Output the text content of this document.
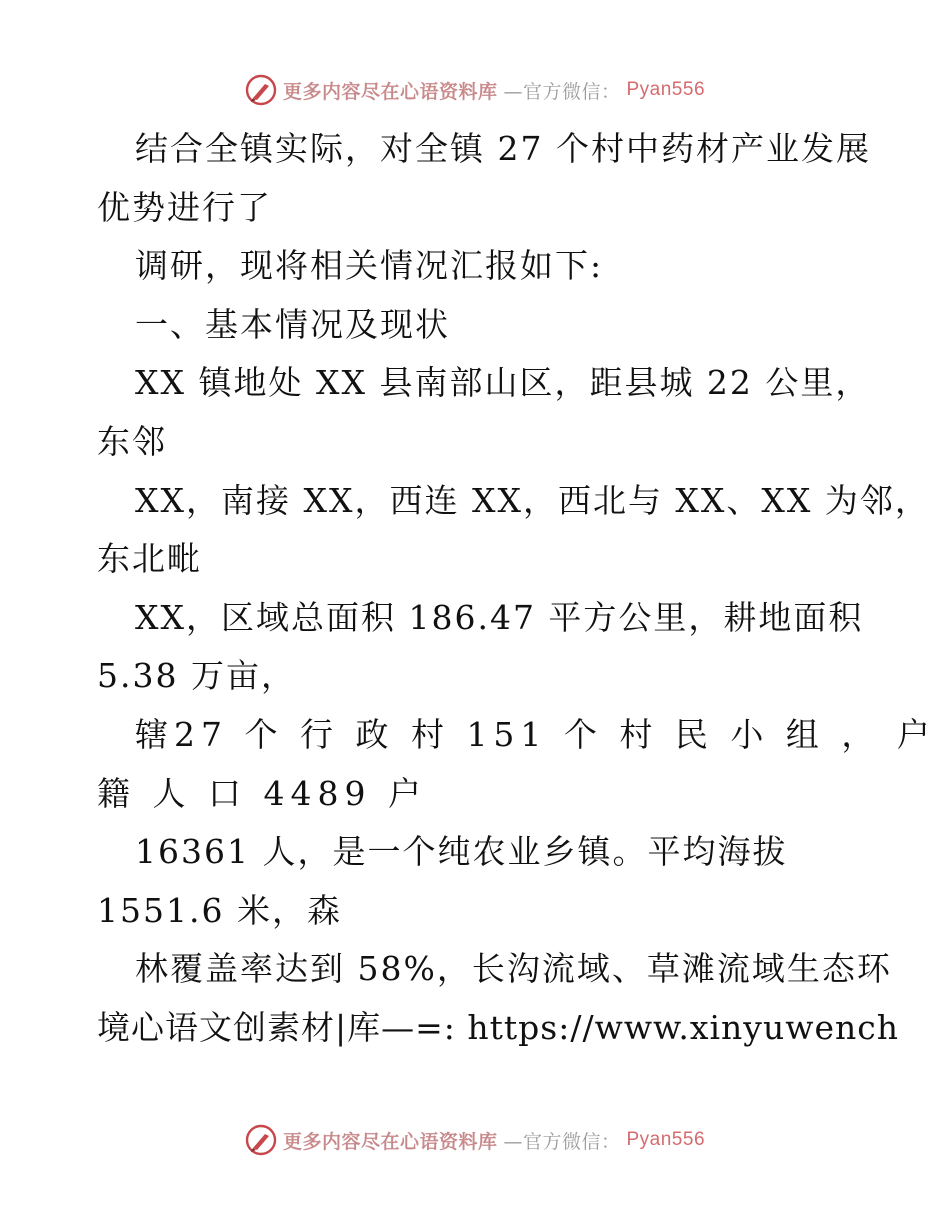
更多内容尽在心语资料库 —官方微信： Pyan556
结合全镇实际，对全镇 27 个村中药材产业发展
优势进行了
调研，现将相关情况汇报如下:
一、基本情况及现状
XX 镇地处 XX 县南部山区，距县城 22 公里，
东邻
XX，南接 XX，西连 XX，西北与 XX、XX 为邻，
东北毗
XX，区域总面积 186.47 平方公里，耕地面积
5.38 万亩，
辖27 个 行 政 村 151 个 村 民 小 组 ， 户
籍 人 口 4489 户
16361 人，是一个纯农业乡镇。平均海拔
1551.6 米，森
林覆盖率达到 58%，长沟流域、草滩流域生态环
境心语文创素材|库—=: https://www.xinyuwench
更多内容尽在心语资料库 —官方微信： Pyan556
